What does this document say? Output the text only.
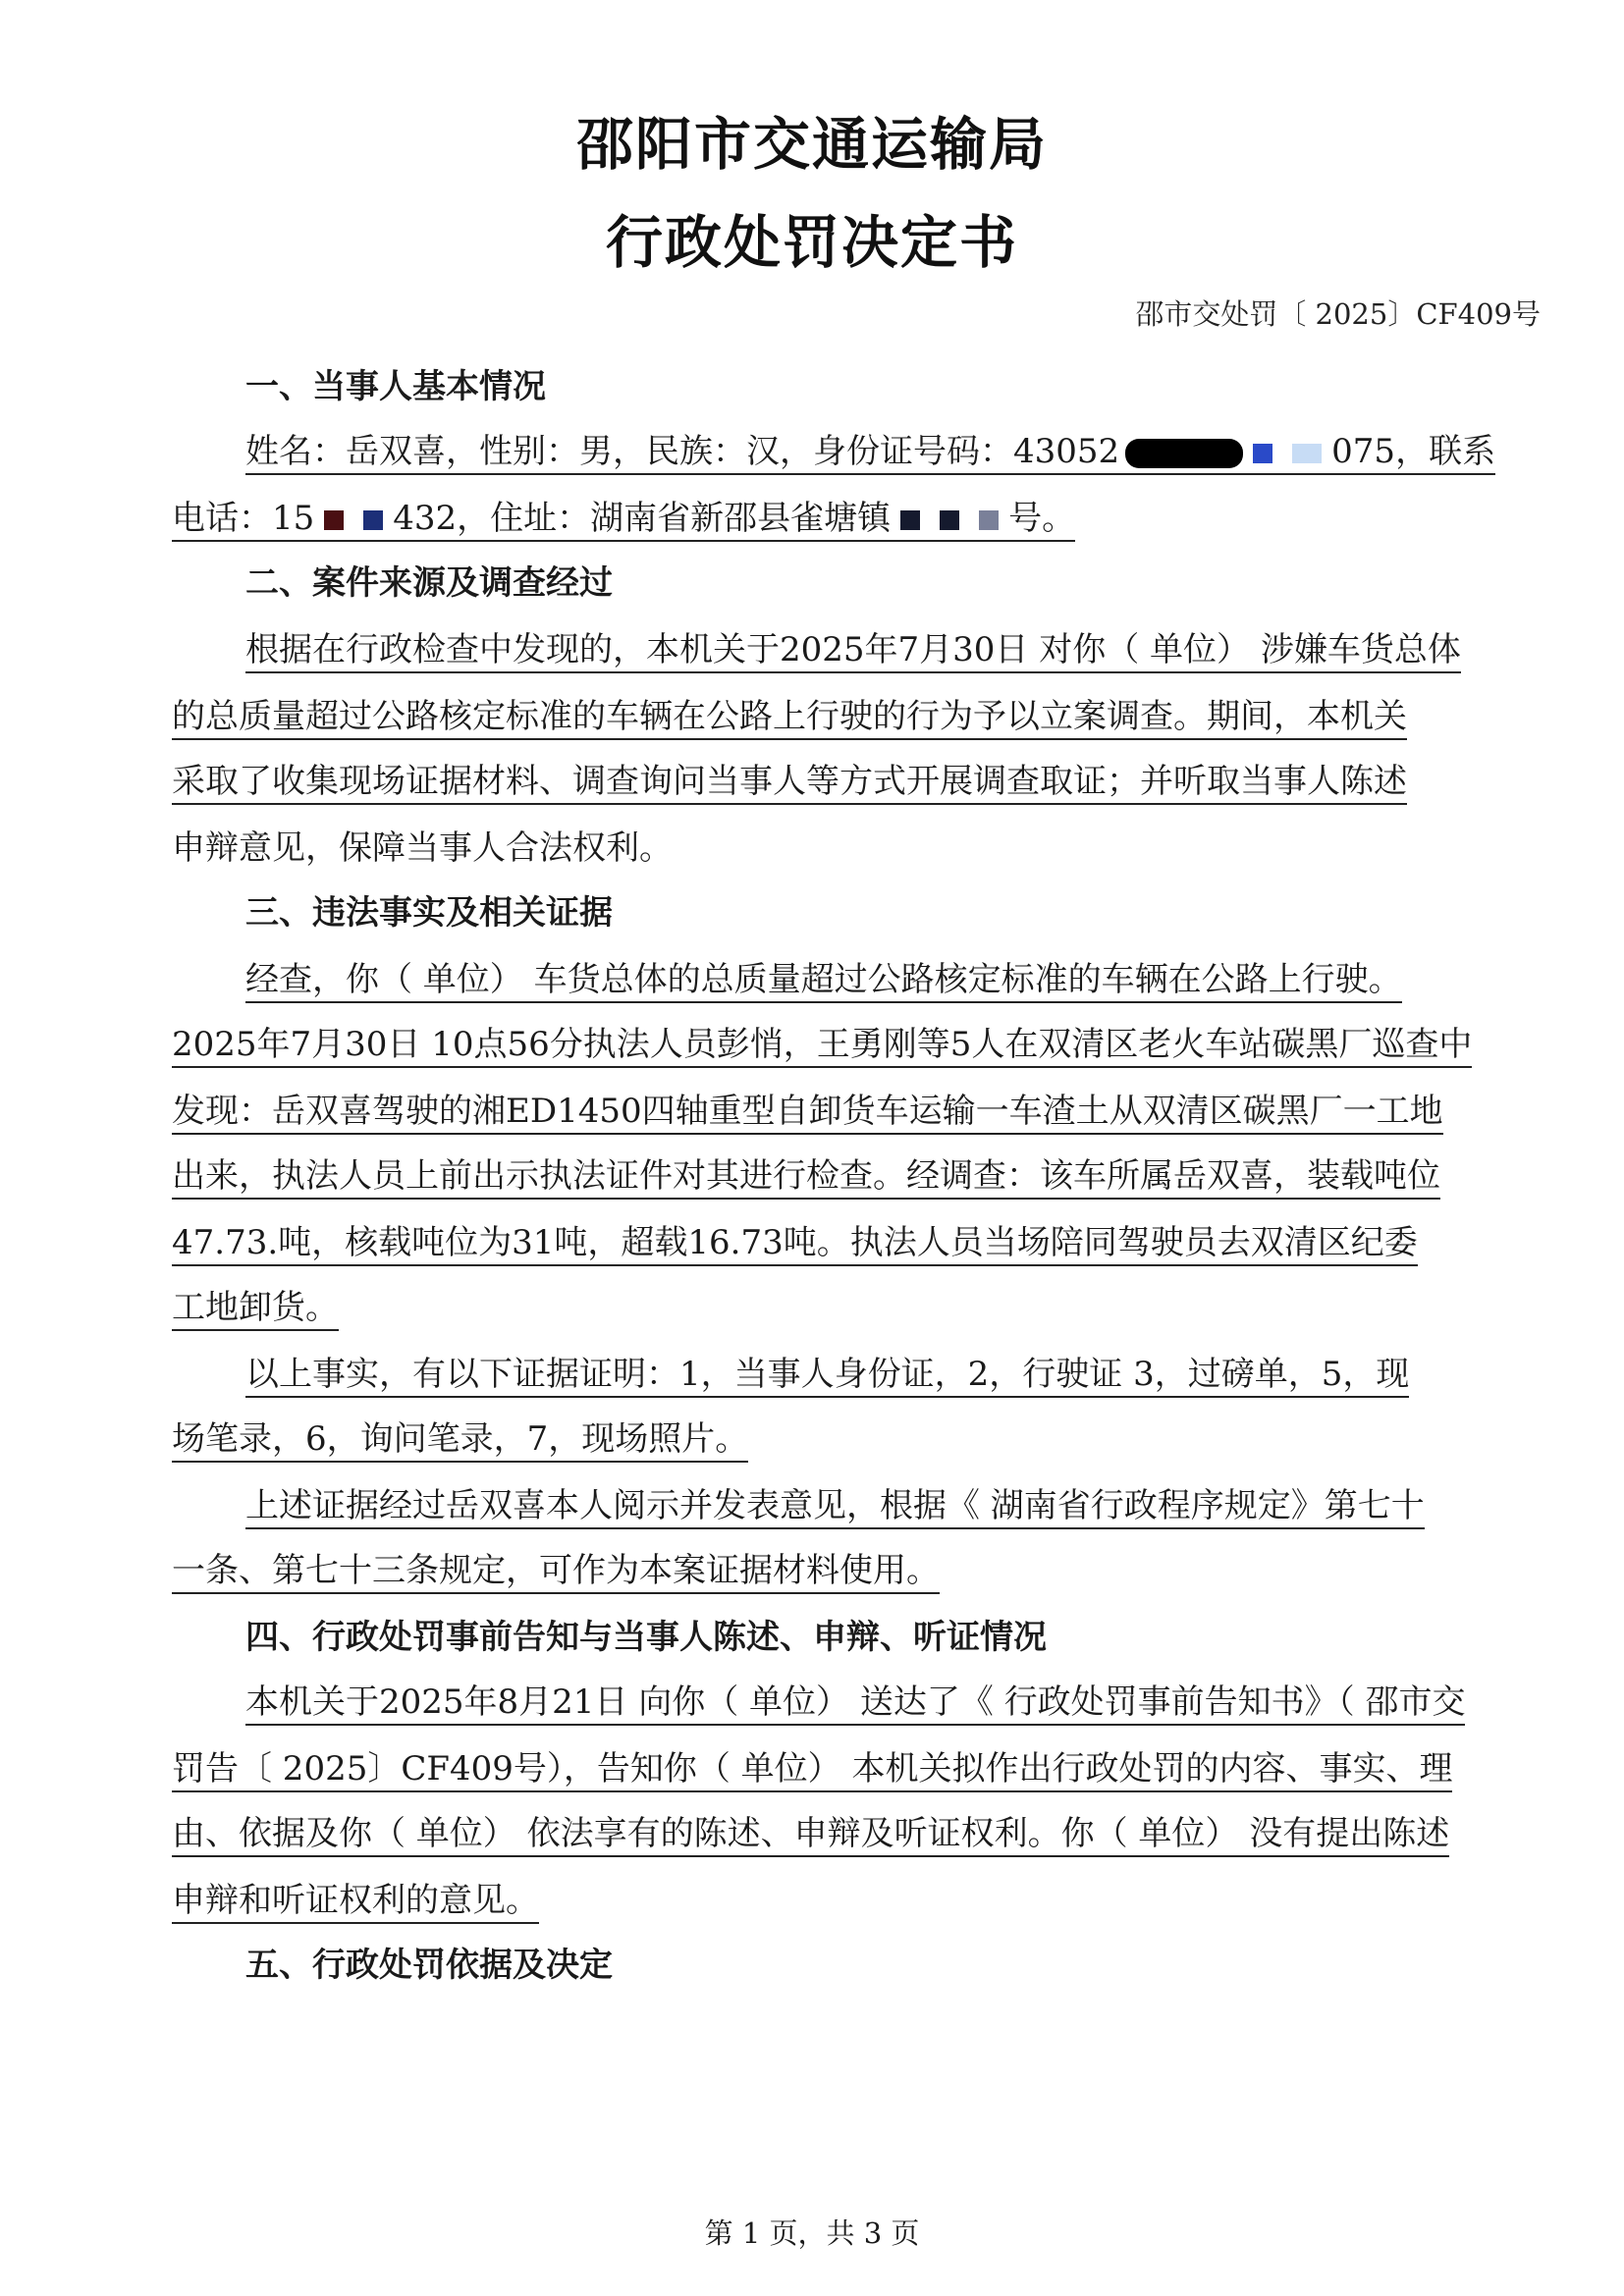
邵阳市交通运输局
行政处罚决定书
邵市交处罚〔 2025〕CF409号
一、当事人基本情况
姓名：岳双喜，性别：男，民族：汉，身份证号码：43052	075，联系
电话：15 432，住址：湖南省新邵县雀塘镇	号。
二、案件来源及调查经过
根据在行政检查中发现的，本机关于2025年7月30日 对你（ 单位） 涉嫌车货总体
的总质量超过公路核定标准的车辆在公路上行驶的行为予以立案调查。期间，本机关
采取了收集现场证据材料、调查询问当事人等方式开展调查取证；并听取当事人陈述
申辩意见，保障当事人合法权利。
三、违法事实及相关证据
经查，你（ 单位） 车货总体的总质量超过公路核定标准的车辆在公路上行驶。
2025年7月30日 10点56分执法人员彭悄，王勇刚等5人在双清区老火车站碳黑厂巡查中
发现：岳双喜驾驶的湘ED1450四轴重型自卸货车运输一车渣土从双清区碳黑厂一工地
出来，执法人员上前出示执法证件对其进行检查。经调查：该车所属岳双喜，装载吨位
47.73.吨，核载吨位为31吨，超载16.73吨。执法人员当场陪同驾驶员去双清区纪委
工地卸货。
以上事实，有以下证据证明：1，当事人身份证，2，行驶证 3，过磅单，5，现
场笔录，6，询问笔录，7，现场照片。
上述证据经过岳双喜本人阅示并发表意见，根据《 湖南省行政程序规定》第七十
一条、第七十三条规定，可作为本案证据材料使用。
四、行政处罚事前告知与当事人陈述、申辩、听证情况
本机关于2025年8月21日 向你（ 单位） 送达了《 行政处罚事前告知书》（ 邵市交
罚告〔 2025〕CF409号），告知你（ 单位） 本机关拟作出行政处罚的内容、事实、理
由、依据及你（ 单位） 依法享有的陈述、申辩及听证权利。你（ 单位） 没有提出陈述
申辩和听证权利的意见。
五、行政处罚依据及决定
第 1 页，共 3 页
